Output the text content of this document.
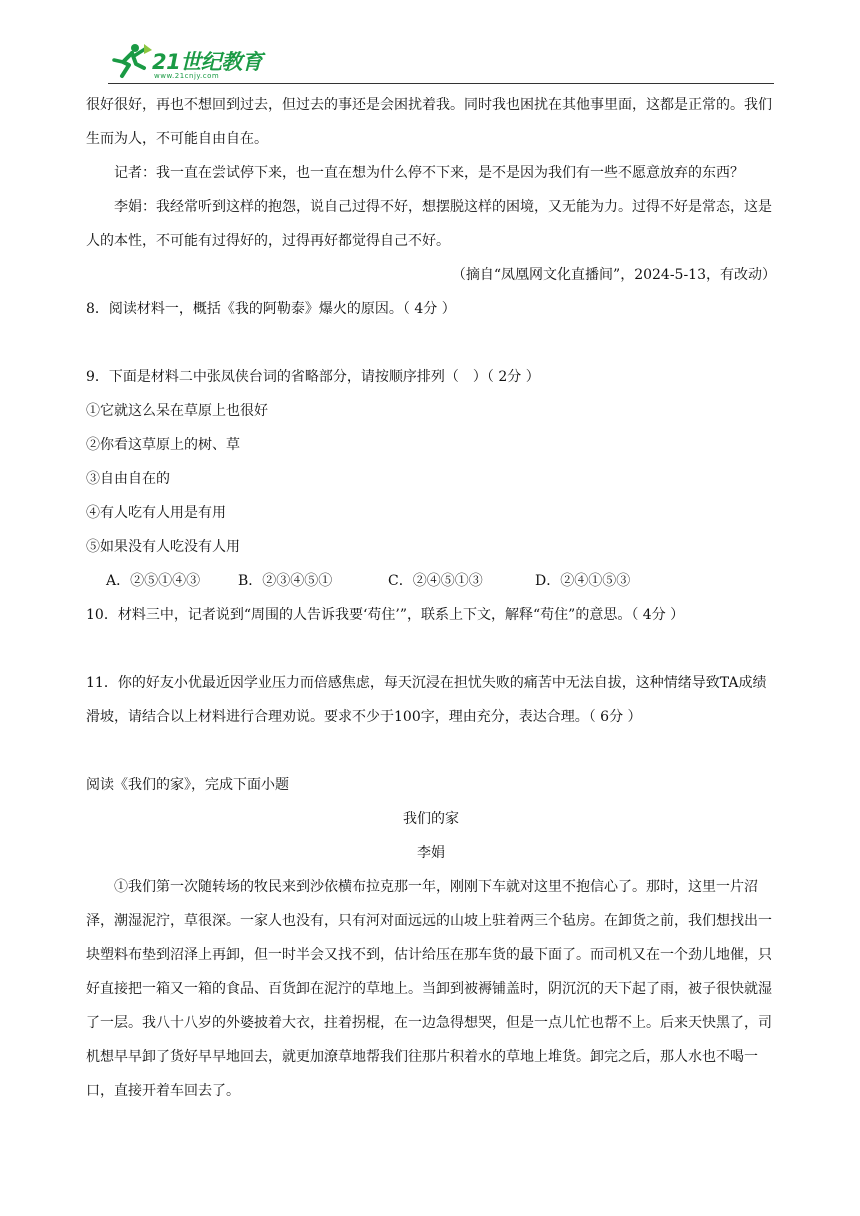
21世纪教育
www.21cnjy.com

很好很好，再也不想回到过去，但过去的事还是会困扰着我。同时我也困扰在其他事里面，这都是正常的。我们生而为人，不可能自由自在。

记者：我一直在尝试停下来，也一直在想为什么停不下来，是不是因为我们有一些不愿意放弃的东西？

李娟：我经常听到这样的抱怨，说自己过得不好，想摆脱这样的困境，又无能为力。过得不好是常态，这是人的本性，不可能有过得好的，过得再好都觉得自己不好。

（摘自“凤凰网文化直播间”，2024-5-13，有改动）

8．阅读材料一，概括《我的阿勒泰》爆火的原因。（ 4分 ）

9．下面是材料二中张凤侠台词的省略部分，请按顺序排列（　）（ 2分 ）

①它就这么呆在草原上也很好

②你看这草原上的树、草

③自由自在的

④有人吃有人用是有用

⑤如果没有人吃没有人用

A．②⑤①④③	B．②③④⑤①	C．②④⑤①③	D．②④①⑤③

10．材料三中，记者说到“周围的人告诉我要‘苟住’”，联系上下文，解释“苟住”的意思。（ 4分 ）

11．你的好友小优最近因学业压力而倍感焦虑，每天沉浸在担忧失败的痛苦中无法自拔，这种情绪导致TA成绩滑坡，请结合以上材料进行合理劝说。要求不少于100字，理由充分，表达合理。（ 6分 ）

阅读《我们的家》，完成下面小题

我们的家

李娟

①我们第一次随转场的牧民来到沙依横布拉克那一年，刚刚下车就对这里不抱信心了。那时，这里一片沼泽，潮湿泥泞，草很深。一家人也没有，只有河对面远远的山坡上驻着两三个毡房。在卸货之前，我们想找出一块塑料布垫到沼泽上再卸，但一时半会又找不到，估计给压在那车货的最下面了。而司机又在一个劲儿地催，只好直接把一箱又一箱的食品、百货卸在泥泞的草地上。当卸到被褥铺盖时，阴沉沉的天下起了雨，被子很快就湿了一层。我八十八岁的外婆披着大衣，拄着拐棍，在一边急得想哭，但是一点儿忙也帮不上。后来天快黑了，司机想早早卸了货好早早地回去，就更加潦草地帮我们往那片积着水的草地上堆货。卸完之后，那人水也不喝一口，直接开着车回去了。
